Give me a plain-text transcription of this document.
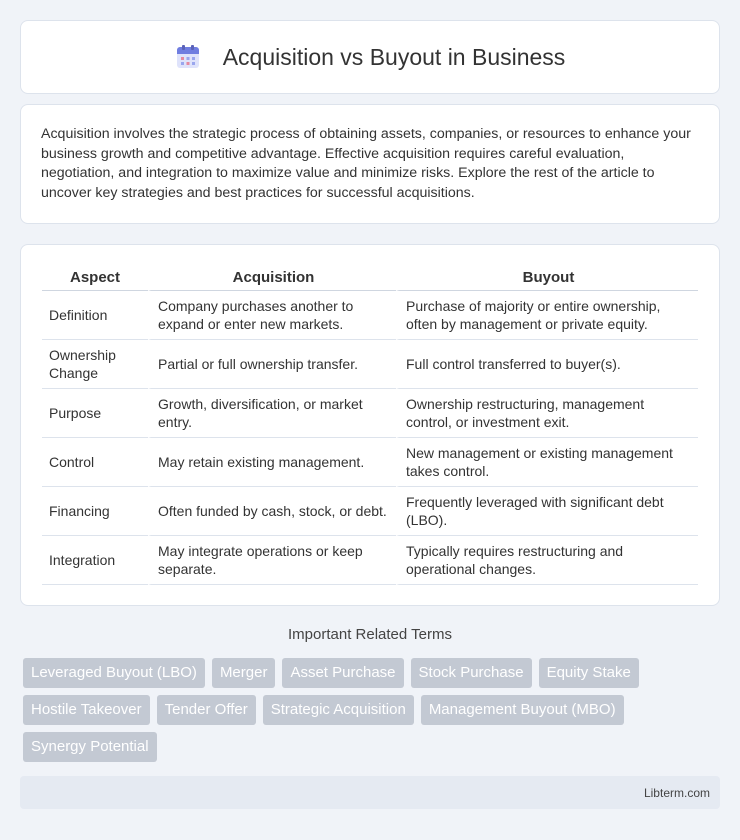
Acquisition vs Buyout in Business

Acquisition involves the strategic process of obtaining assets, companies, or resources to enhance your business growth and competitive advantage. Effective acquisition requires careful evaluation, negotiation, and integration to maximize value and minimize risks. Explore the rest of the article to uncover key strategies and best practices for successful acquisitions.

Aspect	Acquisition	Buyout
Definition	Company purchases another to expand or enter new markets.	Purchase of majority or entire ownership, often by management or private equity.
Ownership Change	Partial or full ownership transfer.	Full control transferred to buyer(s).
Purpose	Growth, diversification, or market entry.	Ownership restructuring, management control, or investment exit.
Control	May retain existing management.	New management or existing management takes control.
Financing	Often funded by cash, stock, or debt.	Frequently leveraged with significant debt (LBO).
Integration	May integrate operations or keep separate.	Typically requires restructuring and operational changes.
Important Related Terms
Leveraged Buyout (LBO)	Merger	Asset Purchase	Stock Purchase	Equity Stake
Hostile Takeover	Tender Offer	Strategic Acquisition	Management Buyout (MBO)
Synergy Potential
Libterm.com
